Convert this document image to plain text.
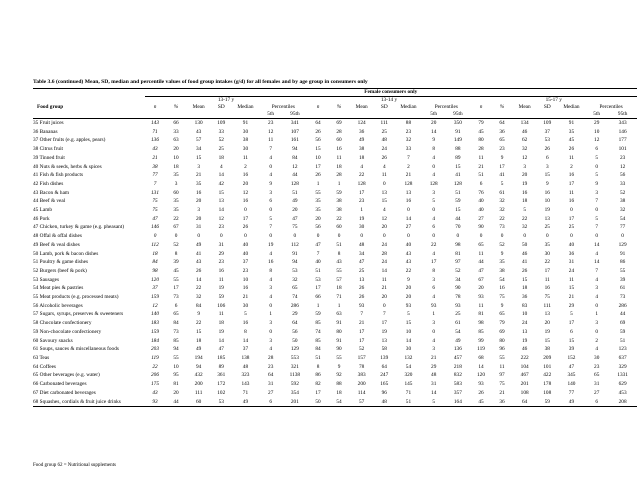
Table 3.6 (continued) Mean, SD, median and percentile values of food group intakes (g/d) for all females and by age group in consumers only
	Female consumers only																				
	13-17 y							13-14 y							15-17 y						
Food group	n	%	Mean	SD	Median	Percentiles		n	%	Mean	SD	Median	Percentiles		n	%	Mean	SD	Median	Percentiles	
						5th	95th						5th	95th						5th	95th
35 Fruit juices	143	66	130	109	91	23	341	64	69	124	111	88	20	350	79	64	134	109	91	29	343
36 Bananas	71	33	43	33	30	12	107	26	28	36	25	23	14	91	45	36	46	37	35	10	146
37 Other fruits (e.g. apples, pears)	136	63	57	52	38	11	161	56	60	49	48	32	9	149	80	65	62	53	45	12	177
38 Citrus fruit	43	20	34	25	30	7	94	15	16	38	24	33	8	88	28	23	32	26	26	6	101
39 Tinned fruit	21	10	15	18	11	4	84	10	11	18	26	7	4	89	11	9	12	6	11	5	23
40 Nuts & seeds, herbs & spices	38	18	3	4	2	0	12	17	18	4	4	2	0	15	21	17	3	3	2	0	12
41 Fish & fish products	77	35	21	14	16	4	44	26	28	22	11	21	4	41	51	41	20	15	16	5	56
42 Fish dishes	7	3	35	42	20	9	128	1	1	128	0	128	128	128	6	5	19	9	17	9	33
43 Bacon & ham	131	60	16	15	12	3	51	55	59	17	13	13	3	51	76	61	16	16	11	3	52
44 Beef & veal	75	35	20	13	16	6	49	35	38	23	15	16	5	59	40	32	18	10	16	7	38
45 Lamb	75	35	3	14	0	0	20	35	38	1	4	0	0	15	40	32	5	19	0	0	32
46 Pork	47	22	20	12	17	5	47	20	22	19	12	14	4	44	27	22	22	13	17	5	54
47 Chicken, turkey & game (e.g. pheasant)	146	67	31	23	26	7	75	56	60	30	20	27	6	70	90	73	32	25	25	7	77
48 Offal & offal dishes	0	0	0	0	0	0	0	0	0	0	0	0	0	0	0	0	0	0	0	0	0
49 Beef & veal dishes	112	52	49	31	40	19	112	47	51	48	24	40	22	98	65	52	50	35	40	14	129
50 Lamb, pork & bacon dishes	18	8	41	29	40	4	91	7	8	34	28	43	4	81	11	9	46	30	36	4	91
51 Poultry & game dishes	84	39	43	23	37	16	94	40	43	47	24	43	17	97	44	35	41	22	31	14	86
52 Burgers (beef & pork)	98	45	26	16	23	8	53	51	55	25	14	22	8	52	47	38	26	17	24	7	55
53 Sausages	120	55	14	11	10	4	32	53	57	13	11	9	3	34	67	54	15	11	11	4	39
54 Meat pies & pastries	37	17	22	19	16	3	65	17	18	26	21	20	6	90	20	16	18	16	15	3	61
55 Meat products (e.g. processed meats)	159	73	32	59	21	4	74	66	71	26	20	20	4	78	93	75	36	75	21	4	73
56 Alcoholic beverages	12	6	84	106	30	0	286	1	1	93	0	93	93	93	11	9	83	111	29	0	286
57 Sugars, syrups, preserves & sweeteners	140	65	9	11	5	1	29	59	63	7	7	5	1	25	81	65	10	13	5	1	44
58 Chocolate confectionery	183	84	22	18	16	3	64	85	91	21	17	15	3	61	98	79	24	20	17	3	69
59 Non-chocolate confectionery	159	73	15	19	8	0	56	74	80	17	19	10	0	54	85	69	13	19	6	0	59
60 Savoury snacks	184	85	18	14	14	3	50	85	91	17	13	14	4	49	99	80	19	15	15	2	51
61 Soups, sauces & miscellaneous foods	203	94	49	47	37	4	129	84	90	52	58	30	3	136	119	96	46	38	39	4	123
63 Teas	119	55	194	185	138	28	553	51	55	157	139	132	21	457	68	55	222	209	152	30	637
64 Coffees	22	10	94	89	48	23	321	8	9	78	64	54	29	218	14	11	104	101	47	23	329
65 Other beverages (e.g. water)	206	95	432	361	323	64	1138	86	92	383	247	320	48	832	120	97	467	422	345	65	1331
66 Carbonated beverages	175	81	200	172	143	31	592	82	88	200	165	145	31	583	93	75	201	178	140	31	629
67 Diet carbonated beverages	43	20	111	102	71	27	354	17	18	114	96	71	14	357	26	21	108	108	77	27	453
68 Squashes, cordials & fruit juice drinks	93	44	60	53	49	6	201	50	54	57	48	51	5	164	45	36	64	59	49	6	208
Food group 62 = Nutritional supplements
